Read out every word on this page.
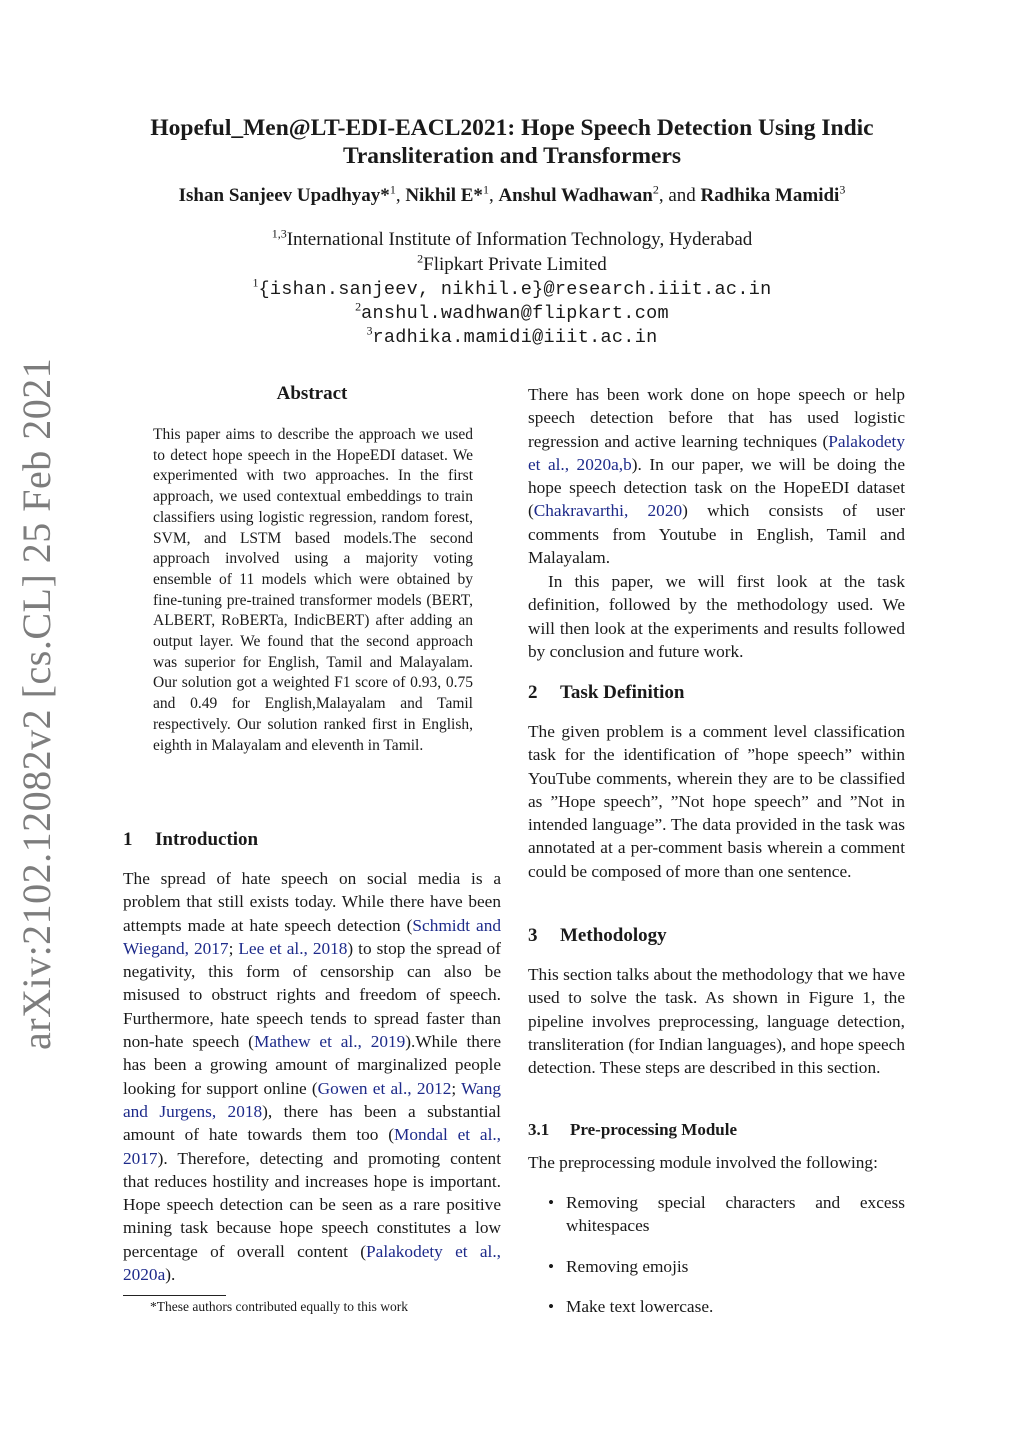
Hopeful_Men@LT-EDI-EACL2021: Hope Speech Detection Using Indic
Transliteration and Transformers
Ishan Sanjeev Upadhyay*$^1$, Nikhil E*$^1$, Anshul Wadhawan$^2$, and Radhika Mamidi$^3$
$^{1,3}$International Institute of Information Technology, Hyderabad
$^2$Flipkart Private Limited
$^1${ishan.sanjeev, nikhil.e}@research.iiit.ac.in
$^2$anshul.wadhwan@flipkart.com
$^3$radhika.mamidi@iiit.ac.in
arXiv:2102.12082v2 [cs.CL] 25 Feb 2021	Abstract
This paper aims to describe the approach we used to detect hope speech in the HopeEDI dataset. We experimented with two approaches. In the first approach, we used contextual embeddings to train classifiers using logistic regression, random forest, SVM, and LSTM based models.The second approach involved using a majority voting ensemble of 11 models which were obtained by fine-tuning pre-trained transformer models (BERT, ALBERT, RoBERTa, IndicBERT) after adding an output layer. We found that the second approach was superior for English, Tamil and Malayalam. Our solution got a weighted F1 score of 0.93, 0.75 and 0.49 for English,Malayalam and Tamil respectively. Our solution ranked first in English, eighth in Malayalam and eleventh in Tamil.
1 Introduction
The spread of hate speech on social media is a problem that still exists today. While there have been attempts made at hate speech detection (Schmidt and Wiegand, 2017; Lee et al., 2018) to stop the spread of negativity, this form of censorship can also be misused to obstruct rights and freedom of speech. Furthermore, hate speech tends to spread faster than non-hate speech (Mathew et al., 2019).While there has been a growing amount of marginalized people looking for support online (Gowen et al., 2012; Wang and Jurgens, 2018), there has been a substantial amount of hate towards them too (Mondal et al., 2017). Therefore, detecting and promoting content that reduces hostility and increases hope is important. Hope speech detection can be seen as a rare positive mining task because hope speech constitutes a low percentage of overall content (Palakodety et al., 2020a).
*These authors contributed equally to this work
There has been work done on hope speech or help speech detection before that has used logistic regression and active learning techniques (Palakodety et al., 2020a,b). In our paper, we will be doing the hope speech detection task on the HopeEDI dataset (Chakravarthi, 2020) which consists of user comments from Youtube in English, Tamil and Malayalam.
In this paper, we will first look at the task definition, followed by the methodology used. We will then look at the experiments and results followed by conclusion and future work.
2 Task Definition
The given problem is a comment level classification task for the identification of ”hope speech” within YouTube comments, wherein they are to be classified as ”Hope speech”, ”Not hope speech” and ”Not in intended language”. The data provided in the task was annotated at a per-comment basis wherein a comment could be composed of more than one sentence.
3 Methodology
This section talks about the methodology that we have used to solve the task. As shown in Figure 1, the pipeline involves preprocessing, language detection, transliteration (for Indian languages), and hope speech detection. These steps are described in this section.
3.1 Pre-processing Module
The preprocessing module involved the following:
• Removing special characters and excess whitespaces
• Removing emojis
• Make text lowercase.
